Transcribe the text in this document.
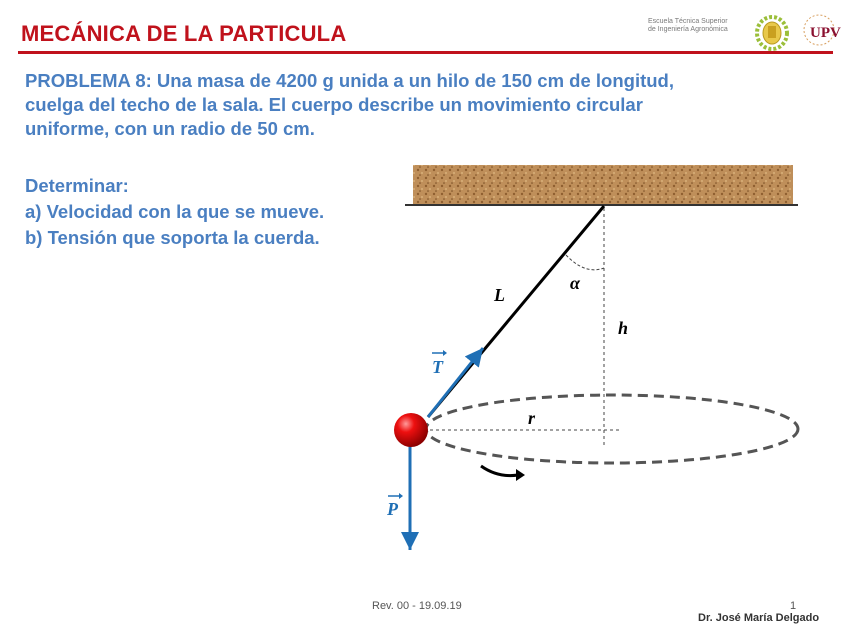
MECÁNICA DE LA PARTICULA	Escuela Técnica Superior
de Ingeniería Agronómica	UPV
PROBLEMA 8: Una masa de 4200 g unida a un hilo de 150 cm de longitud,
cuelga del techo de la sala. El cuerpo describe un movimiento circular
uniforme, con un radio de 50 cm.
Determinar:
a) Velocidad con la que se mueve.
b) Tensión que soporta la cuerda.
L
α
h
r
T
P
Rev. 00 - 19.09.19	1
Dr. José María Delgado
